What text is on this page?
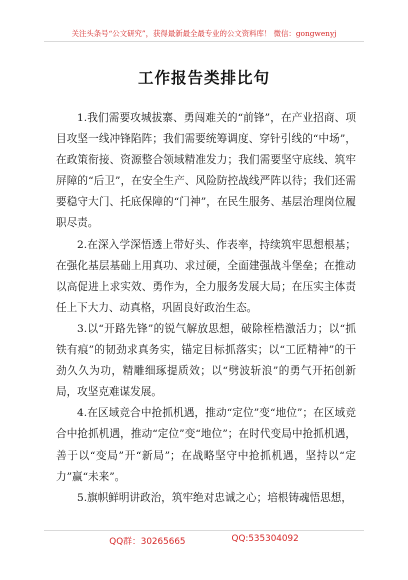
关注头条号“公文研究”，获得最新最全最专业的公文资料库！ 微信：gongwenyj
工作报告类排比句

1.我们需要攻城拔寨、勇闯难关的“前锋”，在产业招商、项目攻坚一线冲锋陷阵；我们需要统筹调度、穿针引线的“中场”，在政策衔接、资源整合领域精准发力；我们需要坚守底线、筑牢屏障的“后卫”，在安全生产、风险防控战线严阵以待；我们还需要稳守大门、托底保障的“门神”，在民生服务、基层治理岗位履职尽责。

2.在深入学深悟透上带好头、作表率，持续筑牢思想根基；在强化基层基础上用真功、求过硬，全面建强战斗堡垒；在推动以高促进上求实效、勇作为，全力服务发展大局；在压实主体责任上下大力、动真格，巩固良好政治生态。

3.以“开路先锋”的锐气解放思想，破除桎梏激活力；以“抓铁有痕”的韧劲求真务实，锚定目标抓落实；以“工匠精神”的干劲久久为功，精雕细琢提质效；以“劈波斩浪”的勇气开拓创新局，攻坚克难谋发展。

4.在区域竞合中抢抓机遇，推动“定位”变“地位”；在区域竞合中抢抓机遇，推动“定位”变“地位”；在时代变局中抢抓机遇，善于以“变局”开“新局”；在战略坚守中抢抓机遇，坚持以“定力”赢“未来”。

5.旗帜鲜明讲政治，筑牢绝对忠诚之心；培根铸魂悟思想，

QQ群：30265665	QQ:535304092
